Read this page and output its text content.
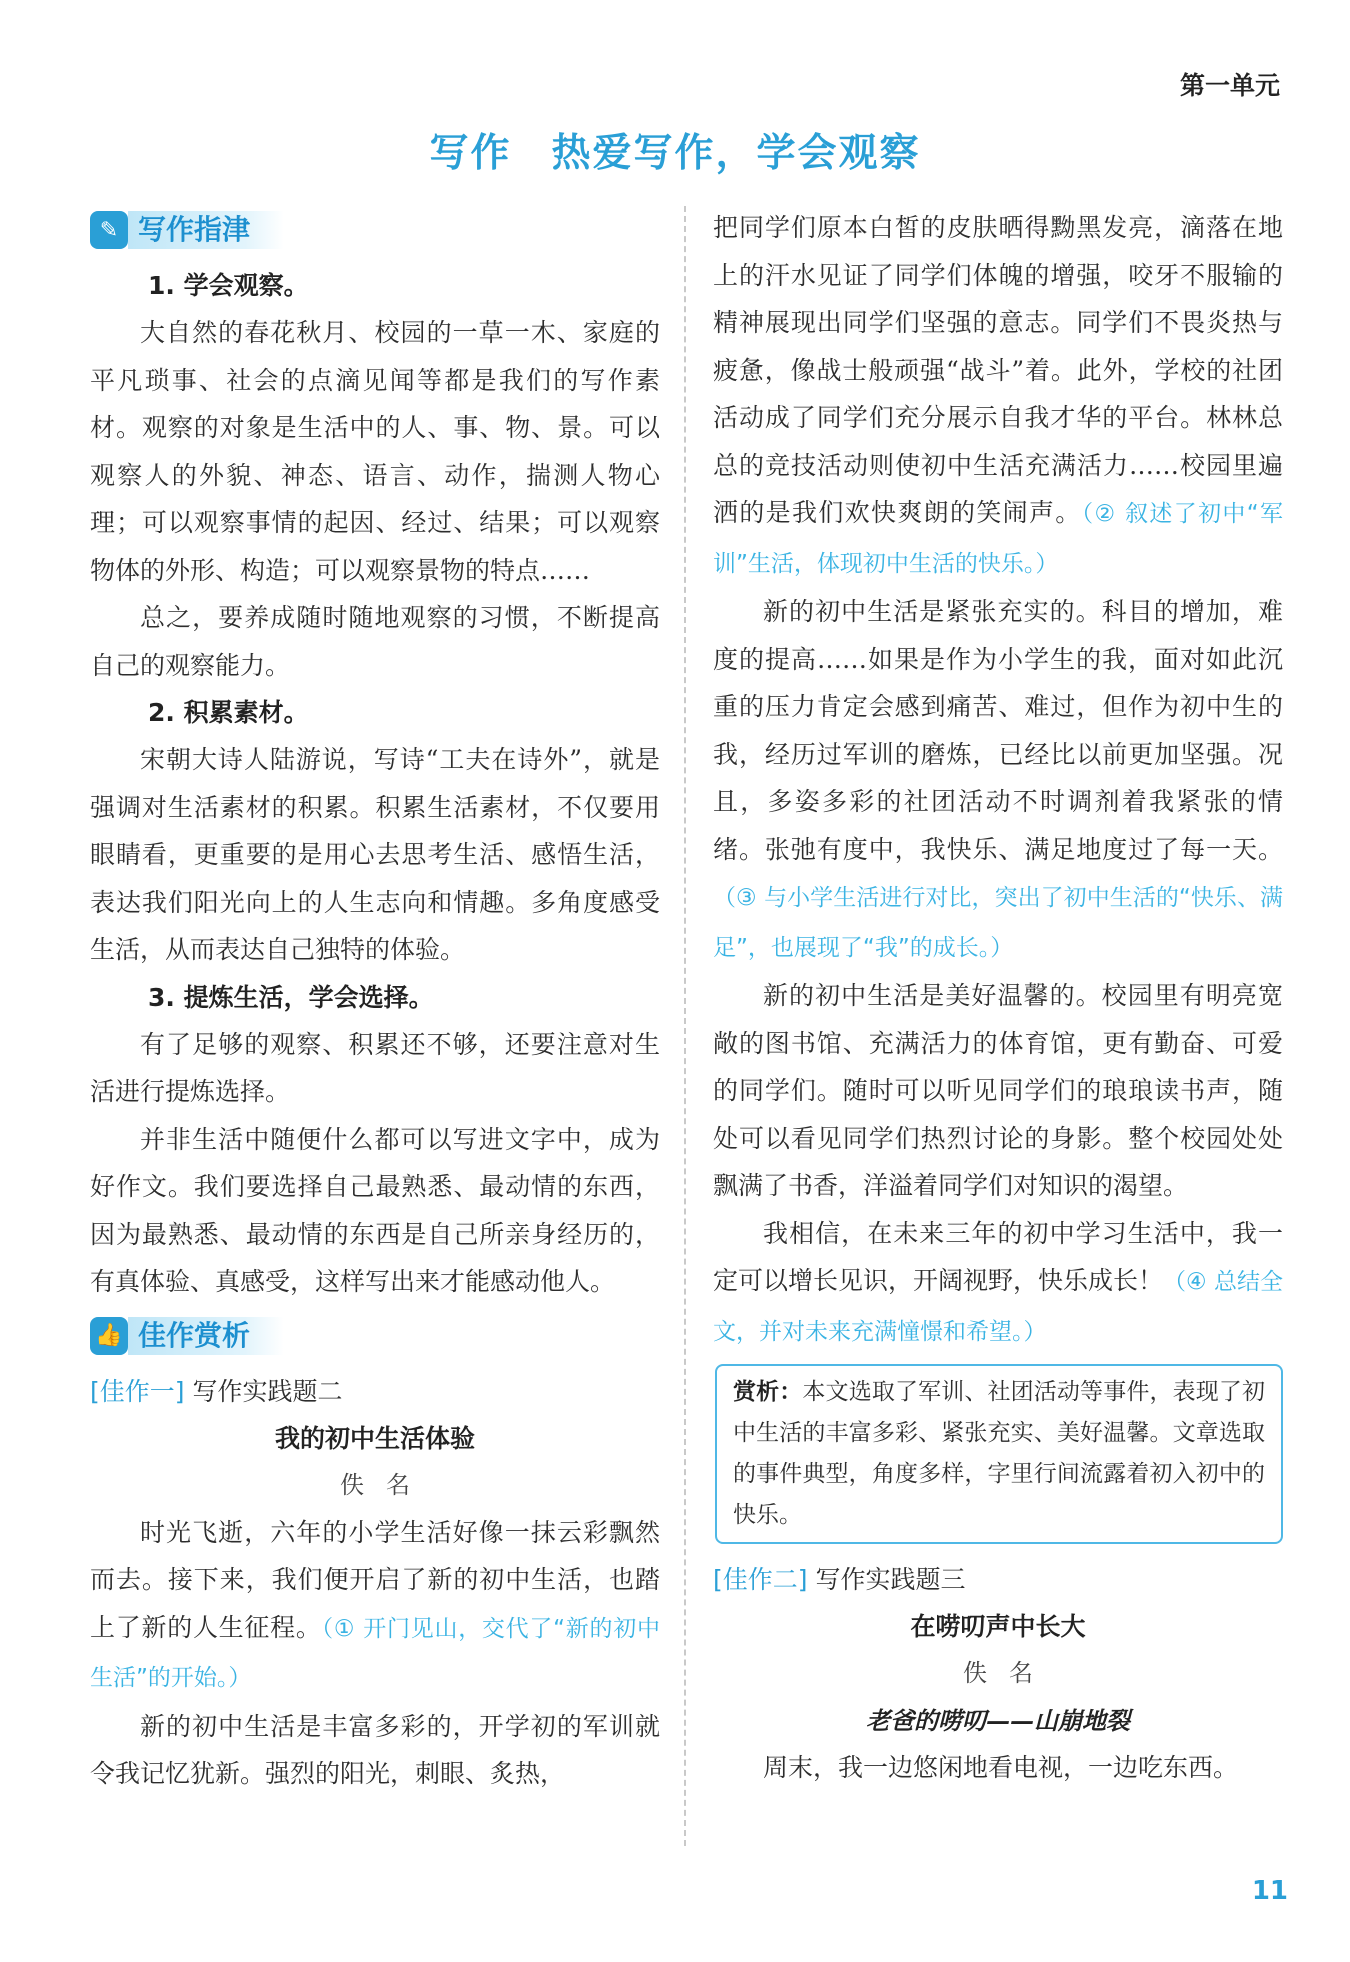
第一单元
写作 热爱写作，学会观察
✎ 写作指津
1. 学会观察。

大自然的春花秋月、校园的一草一木、家庭的平凡琐事、社会的点滴见闻等都是我们的写作素材。观察的对象是生活中的人、事、物、景。可以观察人的外貌、神态、语言、动作，揣测人物心理；可以观察事情的起因、经过、结果；可以观察物体的外形、构造；可以观察景物的特点……

总之，要养成随时随地观察的习惯，不断提高自己的观察能力。

2. 积累素材。

宋朝大诗人陆游说，写诗“工夫在诗外”，就是强调对生活素材的积累。积累生活素材，不仅要用眼睛看，更重要的是用心去思考生活、感悟生活，表达我们阳光向上的人生志向和情趣。多角度感受生活，从而表达自己独特的体验。

3. 提炼生活，学会选择。

有了足够的观察、积累还不够，还要注意对生活进行提炼选择。

并非生活中随便什么都可以写进文字中，成为好作文。我们要选择自己最熟悉、最动情的东西，因为最熟悉、最动情的东西是自己所亲身经历的，有真体验、真感受，这样写出来才能感动他人。

👍 佳作赏析
[佳作一] 写作实践题二
我的初中生活体验
佚名

时光飞逝，六年的小学生活好像一抹云彩飘然而去。接下来，我们便开启了新的初中生活，也踏上了新的人生征程。（① 开门见山，交代了“新的初中生活”的开始。）

新的初中生活是丰富多彩的，开学初的军训就令我记忆犹新。强烈的阳光，刺眼、炙热，

把同学们原本白皙的皮肤晒得黝黑发亮，滴落在地上的汗水见证了同学们体魄的增强，咬牙不服输的精神展现出同学们坚强的意志。同学们不畏炎热与疲惫，像战士般顽强“战斗”着。此外，学校的社团活动成了同学们充分展示自我才华的平台。林林总总的竞技活动则使初中生活充满活力……校园里遍洒的是我们欢快爽朗的笑闹声。（② 叙述了初中“军训”生活，体现初中生活的快乐。）

新的初中生活是紧张充实的。科目的增加，难度的提高……如果是作为小学生的我，面对如此沉重的压力肯定会感到痛苦、难过，但作为初中生的我，经历过军训的磨炼，已经比以前更加坚强。况且，多姿多彩的社团活动不时调剂着我紧张的情绪。张弛有度中，我快乐、满足地度过了每一天。（③ 与小学生活进行对比，突出了初中生活的“快乐、满足”，也展现了“我”的成长。）

新的初中生活是美好温馨的。校园里有明亮宽敞的图书馆、充满活力的体育馆，更有勤奋、可爱的同学们。随时可以听见同学们的琅琅读书声，随处可以看见同学们热烈讨论的身影。整个校园处处飘满了书香，洋溢着同学们对知识的渴望。

我相信，在未来三年的初中学习生活中，我一定可以增长见识，开阔视野，快乐成长！（④ 总结全文，并对未来充满憧憬和希望。）

赏析：本文选取了军训、社团活动等事件，表现了初中生活的丰富多彩、紧张充实、美好温馨。文章选取的事件典型，角度多样，字里行间流露着初入初中的快乐。

[佳作二] 写作实践题三
在唠叨声中长大
佚名
老爸的唠叨——山崩地裂

周末，我一边悠闲地看电视，一边吃东西。

11
